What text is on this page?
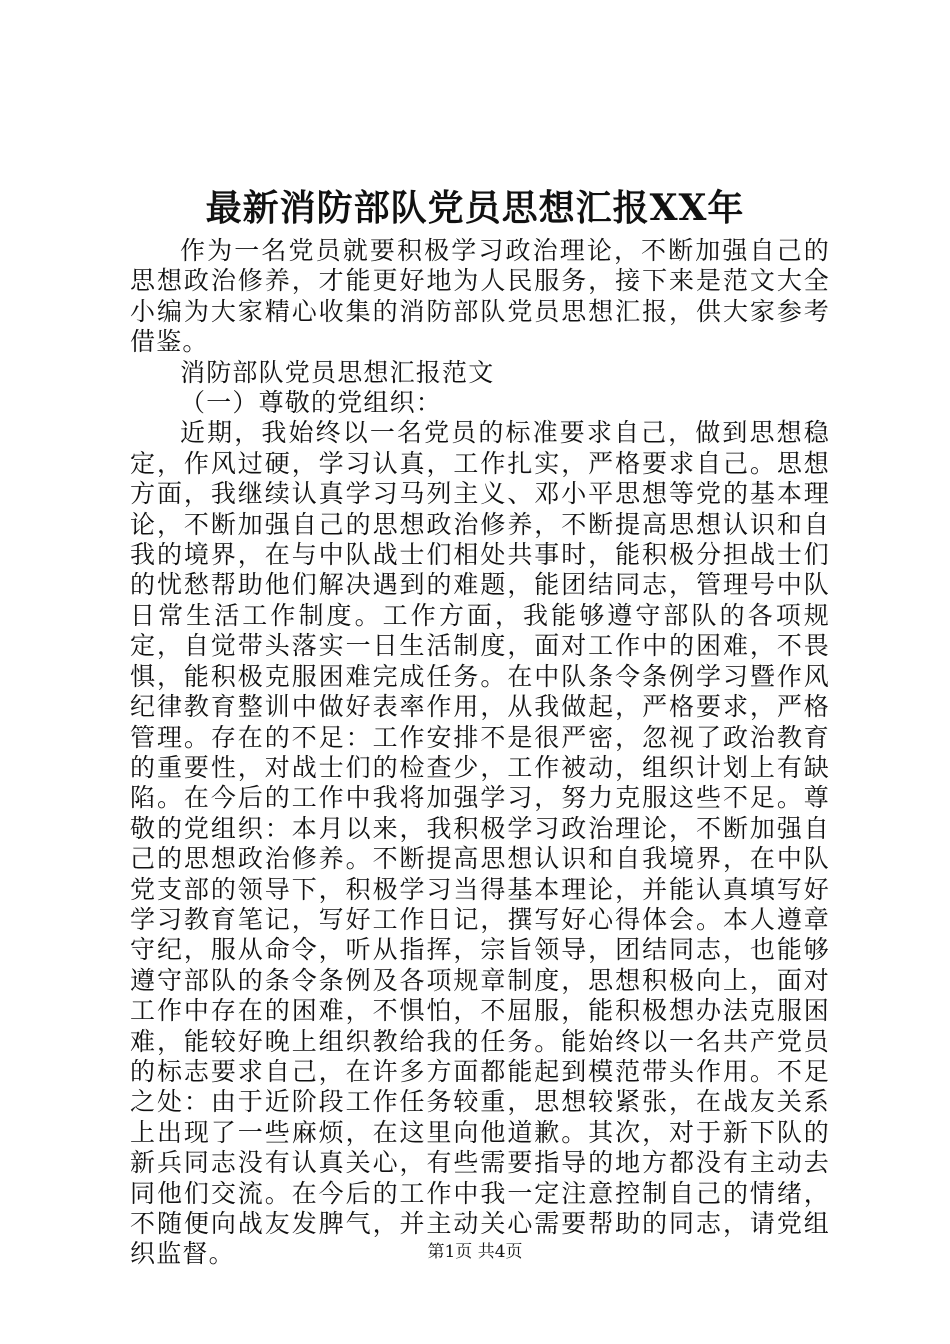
最新消防部队党员思想汇报XX年

作为一名党员就要积极学习政治理论，不断加强自己的思想政治修养，才能更好地为人民服务，接下来是范文大全小编为大家精心收集的消防部队党员思想汇报，供大家参考借鉴。

消防部队党员思想汇报范文

（一）尊敬的党组织：

近期，我始终以一名党员的标准要求自己，做到思想稳定，作风过硬，学习认真，工作扎实，严格要求自己。思想方面，我继续认真学习马列主义、邓小平思想等党的基本理论，不断加强自己的思想政治修养，不断提高思想认识和自我的境界，在与中队战士们相处共事时，能积极分担战士们的忧愁帮助他们解决遇到的难题，能团结同志，管理号中队日常生活工作制度。工作方面，我能够遵守部队的各项规定，自觉带头落实一日生活制度，面对工作中的困难，不畏惧，能积极克服困难完成任务。在中队条令条例学习暨作风纪律教育整训中做好表率作用，从我做起，严格要求，严格管理。存在的不足：工作安排不是很严密，忽视了政治教育的重要性，对战士们的检查少，工作被动，组织计划上有缺陷。在今后的工作中我将加强学习，努力克服这些不足。尊敬的党组织：本月以来，我积极学习政治理论，不断加强自己的思想政治修养。不断提高思想认识和自我境界，在中队党支部的领导下，积极学习当得基本理论，并能认真填写好学习教育笔记，写好工作日记，撰写好心得体会。本人遵章守纪，服从命令，听从指挥，宗旨领导，团结同志，也能够遵守部队的条令条例及各项规章制度，思想积极向上，面对工作中存在的困难，不惧怕，不屈服，能积极想办法克服困难，能较好晚上组织教给我的任务。能始终以一名共产党员的标志要求自己，在许多方面都能起到模范带头作用。不足之处：由于近阶段工作任务较重，思想较紧张，在战友关系上出现了一些麻烦，在这里向他道歉。其次，对于新下队的新兵同志没有认真关心，有些需要指导的地方都没有主动去同他们交流。在今后的工作中我一定注意控制自己的情绪，不随便向战友发脾气，并主动关心需要帮助的同志，请党组织监督。	第1页 共4页
